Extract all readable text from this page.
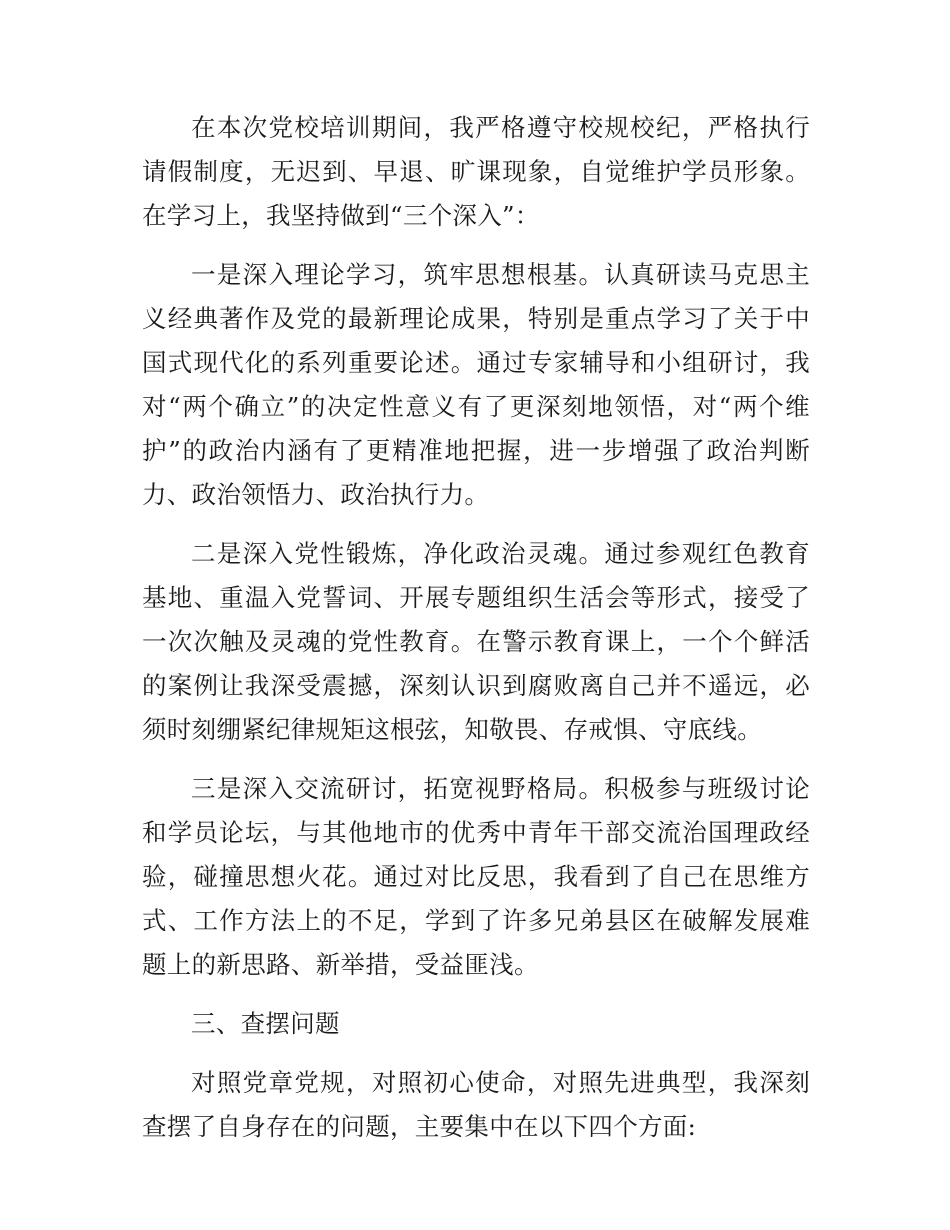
在本次党校培训期间，我严格遵守校规校纪，严格执行请假制度，无迟到、早退、旷课现象，自觉维护学员形象。在学习上，我坚持做到“三个深入”：

一是深入理论学习，筑牢思想根基。认真研读马克思主义经典著作及党的最新理论成果，特别是重点学习了关于中国式现代化的系列重要论述。通过专家辅导和小组研讨，我对“两个确立”的决定性意义有了更深刻地领悟，对“两个维护”的政治内涵有了更精准地把握，进一步增强了政治判断力、政治领悟力、政治执行力。

二是深入党性锻炼，净化政治灵魂。通过参观红色教育基地、重温入党誓词、开展专题组织生活会等形式，接受了一次次触及灵魂的党性教育。在警示教育课上，一个个鲜活的案例让我深受震撼，深刻认识到腐败离自己并不遥远，必须时刻绷紧纪律规矩这根弦，知敬畏、存戒惧、守底线。

三是深入交流研讨，拓宽视野格局。积极参与班级讨论和学员论坛，与其他地市的优秀中青年干部交流治国理政经验，碰撞思想火花。通过对比反思，我看到了自己在思维方式、工作方法上的不足，学到了许多兄弟县区在破解发展难题上的新思路、新举措，受益匪浅。

三、查摆问题

对照党章党规，对照初心使命，对照先进典型，我深刻查摆了自身存在的问题，主要集中在以下四个方面:
